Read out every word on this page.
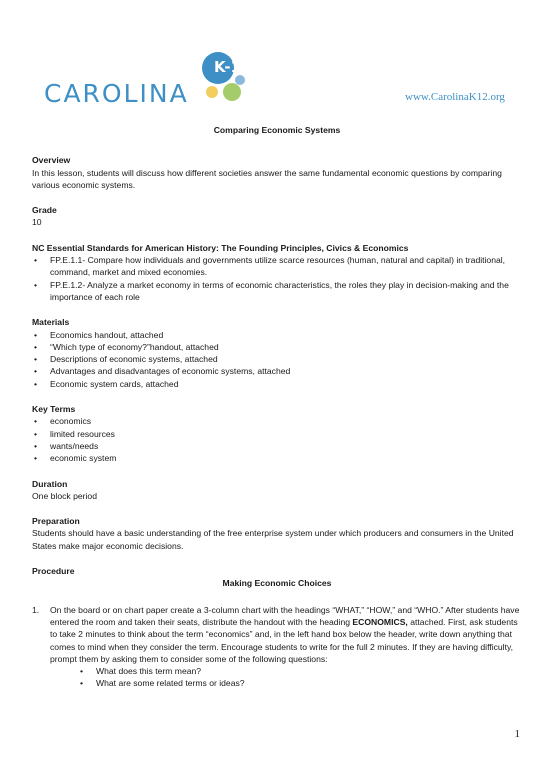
K-12
CAROLINA	www.CarolinaK12.org

Comparing Economic Systems

Overview

In this lesson, students will discuss how different societies answer the same fundamental economic questions by comparing various economic systems.

Grade

10

NC Essential Standards for American History: The Founding Principles, Civics & Economics

• FP.E.1.1- Compare how individuals and governments utilize scarce resources (human, natural and capital) in traditional, command, market and mixed economies.
• FP.E.1.2- Analyze a market economy in terms of economic characteristics, the roles they play in decision-making and the importance of each role

Materials

• Economics handout, attached
• “Which type of economy?”handout, attached
• Descriptions of economic systems, attached
• Advantages and disadvantages of economic systems, attached
• Economic system cards, attached

Key Terms

• economics
• limited resources
• wants/needs
• economic system

Duration

One block period

Preparation

Students should have a basic understanding of the free enterprise system under which producers and consumers in the United States make major economic decisions.

Procedure

Making Economic Choices

1. On the board or on chart paper create a 3-column chart with the headings “WHAT,” “HOW,” and “WHO.” After students have entered the room and taken their seats, distribute the handout with the heading ECONOMICS, attached. First, ask students to take 2 minutes to think about the term “economics” and, in the left hand box below the header, write down anything that comes to mind when they consider the term. Encourage students to write for the full 2 minutes. If they are having difficulty, prompt them by asking them to consider some of the following questions:
• What does this term mean?
• What are some related terms or ideas?
1
